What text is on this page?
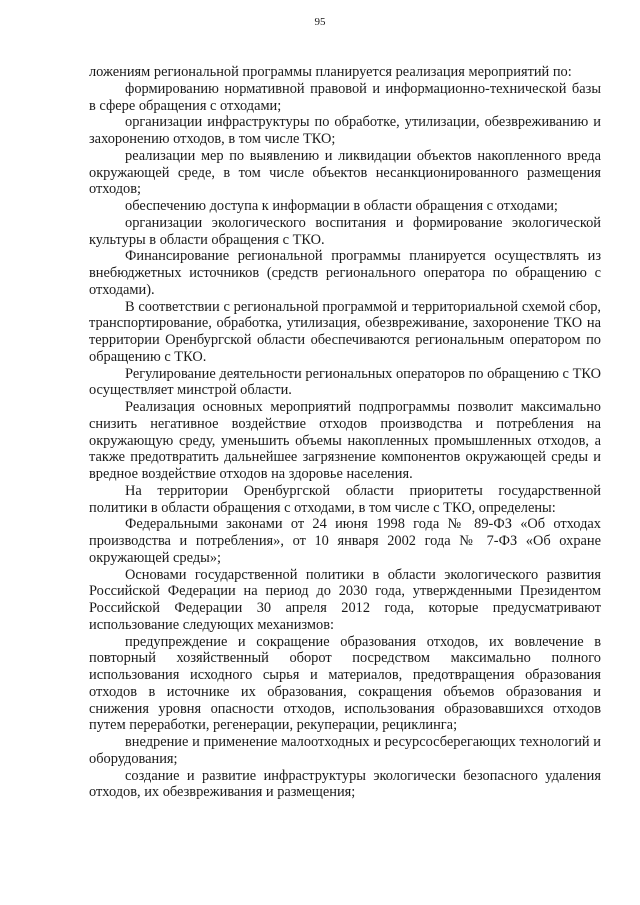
95

ложениям региональной программы планируется реализация мероприятий по:

формированию нормативной правовой и информационно-технической базы в сфере обращения с отходами;

организации инфраструктуры по обработке, утилизации, обезвреживанию и захоронению отходов, в том числе ТКО;

реализации мер по выявлению и ликвидации объектов накопленного вреда окружающей среде, в том числе объектов несанкционированного размещения отходов;

обеспечению доступа к информации в области обращения с отходами;

организации экологического воспитания и формирование экологической культуры в области обращения с ТКО.

Финансирование региональной программы планируется осуществлять из внебюджетных источников (средств регионального оператора по обращению с отходами).

В соответствии с региональной программой и территориальной схемой сбор, транспортирование, обработка, утилизация, обезвреживание, захоронение ТКО на территории Оренбургской области обеспечиваются региональным оператором по обращению с ТКО.

Регулирование деятельности региональных операторов по обращению с ТКО осуществляет минстрой области.

Реализация основных мероприятий подпрограммы позволит максимально снизить негативное воздействие отходов производства и потребления на окружающую среду, уменьшить объемы накопленных промышленных отходов, а также предотвратить дальнейшее загрязнение компонентов окружающей среды и вредное воздействие отходов на здоровье населения.

На территории Оренбургской области приоритеты государственной политики в области обращения с отходами, в том числе с ТКО, определены:

Федеральными законами от 24 июня 1998 года № 89-ФЗ «Об отходах производства и потребления», от 10 января 2002 года № 7-ФЗ «Об охране окружающей среды»;

Основами государственной политики в области экологического развития Российской Федерации на период до 2030 года, утвержденными Президентом Российской Федерации 30 апреля 2012 года, которые предусматривают использование следующих механизмов:

предупреждение и сокращение образования отходов, их вовлечение в повторный хозяйственный оборот посредством максимально полного использования исходного сырья и материалов, предотвращения образования отходов в источнике их образования, сокращения объемов образования и снижения уровня опасности отходов, использования образовавшихся отходов путем переработки, регенерации, рекуперации, рециклинга;

внедрение и применение малоотходных и ресурсосберегающих технологий и оборудования;

создание и развитие инфраструктуры экологически безопасного удаления отходов, их обезвреживания и размещения;
